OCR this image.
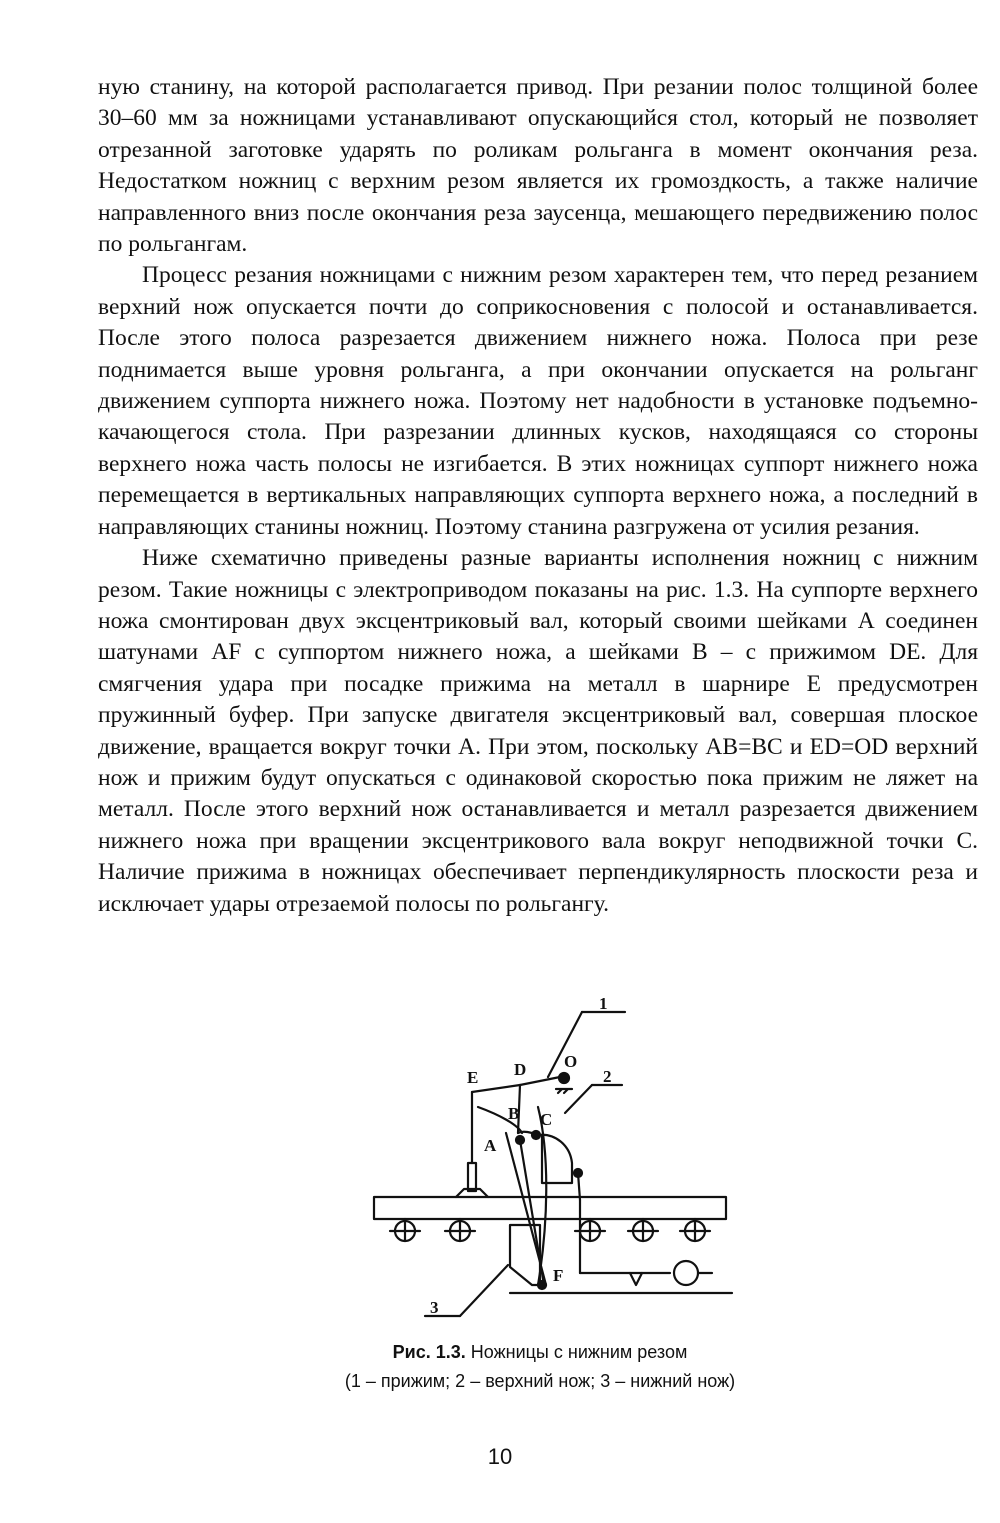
ную станину, на которой располагается привод. При резании полос толщиной более 30–60 мм за ножницами устанавливают опускающийся стол, который не позволяет отрезанной заготовке ударять по роликам рольганга в момент окончания реза. Недостатком ножниц с верхним резом является их громоздкость, а также наличие направленного вниз после окончания реза заусенца, мешающего передвижению полос по рольгангам.

Процесс резания ножницами с нижним резом характерен тем, что перед резанием верхний нож опускается почти до соприкосновения с полосой и останавливается. После этого полоса разрезается движением нижнего ножа. Полоса при резе поднимается выше уровня рольганга, а при окончании опускается на рольганг движением суппорта нижнего ножа. Поэтому нет надобности в установке подъемно-качающегося стола. При разрезании длинных кусков, находящаяся со стороны верхнего ножа часть полосы не изгибается. В этих ножницах суппорт нижнего ножа перемещается в вертикальных направляющих суппорта верхнего ножа, а последний в направляющих станины ножниц. Поэтому станина разгружена от усилия резания.

Ниже схематично приведены разные варианты исполнения ножниц с нижним резом. Такие ножницы с электроприводом показаны на рис. 1.3. На суппорте верхнего ножа смонтирован двух эксцентриковый вал, который своими шейками А соединен шатунами AF с суппортом нижнего ножа, а шейками В – с прижимом DE. Для смягчения удара при посадке прижима на металл в шарнире Е предусмотрен пружинный буфер. При запуске двигателя эксцентриковый вал, совершая плоское движение, вращается вокруг точки А. При этом, поскольку AB=BC и ED=OD верхний нож и прижим будут опускаться с одинаковой скоростью пока прижим не ляжет на металл. После этого верхний нож останавливается и металл разрезается движением нижнего ножа при вращении эксцентрикового вала вокруг неподвижной точки С. Наличие прижима в ножницах обеспечивает перпендикулярность плоскости реза и исключает удары отрезаемой полосы по рольгангу.

1
2
3
E D O
B C
A
F
Рис. 1.3. Ножницы с нижним резом
(1 – прижим; 2 – верхний нож; 3 – нижний нож)
10
